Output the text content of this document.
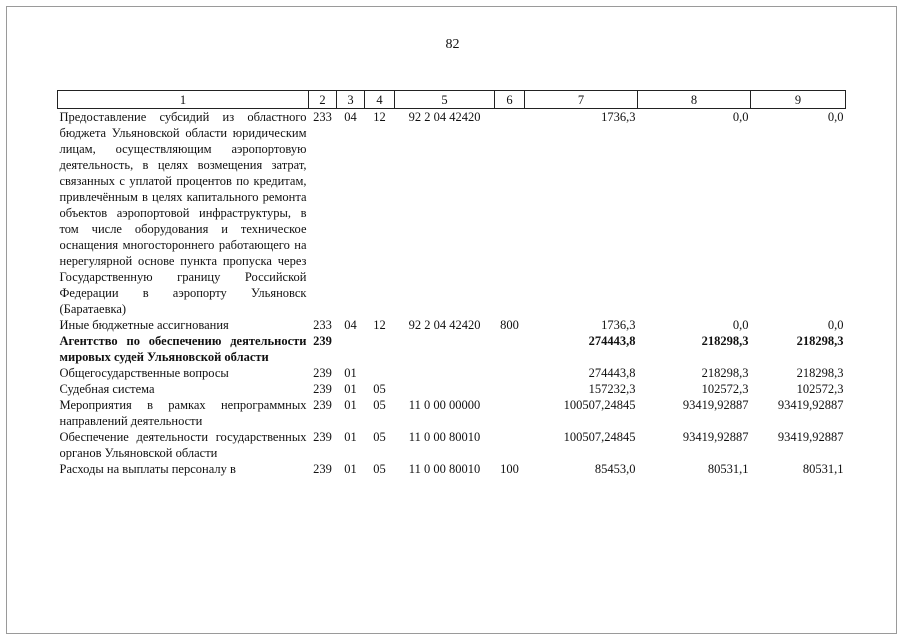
82
1	2	3	4	5	6	7	8	9
Предоставление субсидий из областного бюджета Ульяновской области юридическим лицам, осуществляющим аэропортовую деятельность, в целях возмещения затрат, связанных с уплатой процентов по кредитам, привлечённым в целях капитального ремонта объектов аэропортовой инфраструктуры, в том числе оборудования и техническое оснащения многостороннего работающего на нерегулярной основе пункта пропуска через Государственную границу Российской Федерации в аэропорту Ульяновск (Баратаевка)	233	04	12	92 2 04 42420		1736,3	0,0	0,0
Иные бюджетные ассигнования	233	04	12	92 2 04 42420	800	1736,3	0,0	0,0
Агентство по обеспечению деятельности мировых судей Ульяновской области	239					274443,8	218298,3	218298,3
Общегосударственные вопросы	239	01				274443,8	218298,3	218298,3
Судебная система	239	01	05			157232,3	102572,3	102572,3
Мероприятия в рамках непрограммных направлений деятельности	239	01	05	11 0 00 00000		100507,24845	93419,92887	93419,92887
Обеспечение деятельности государственных органов Ульяновской области	239	01	05	11 0 00 80010		100507,24845	93419,92887	93419,92887
Расходы на выплаты персоналу в	239	01	05	11 0 00 80010	100	85453,0	80531,1	80531,1
